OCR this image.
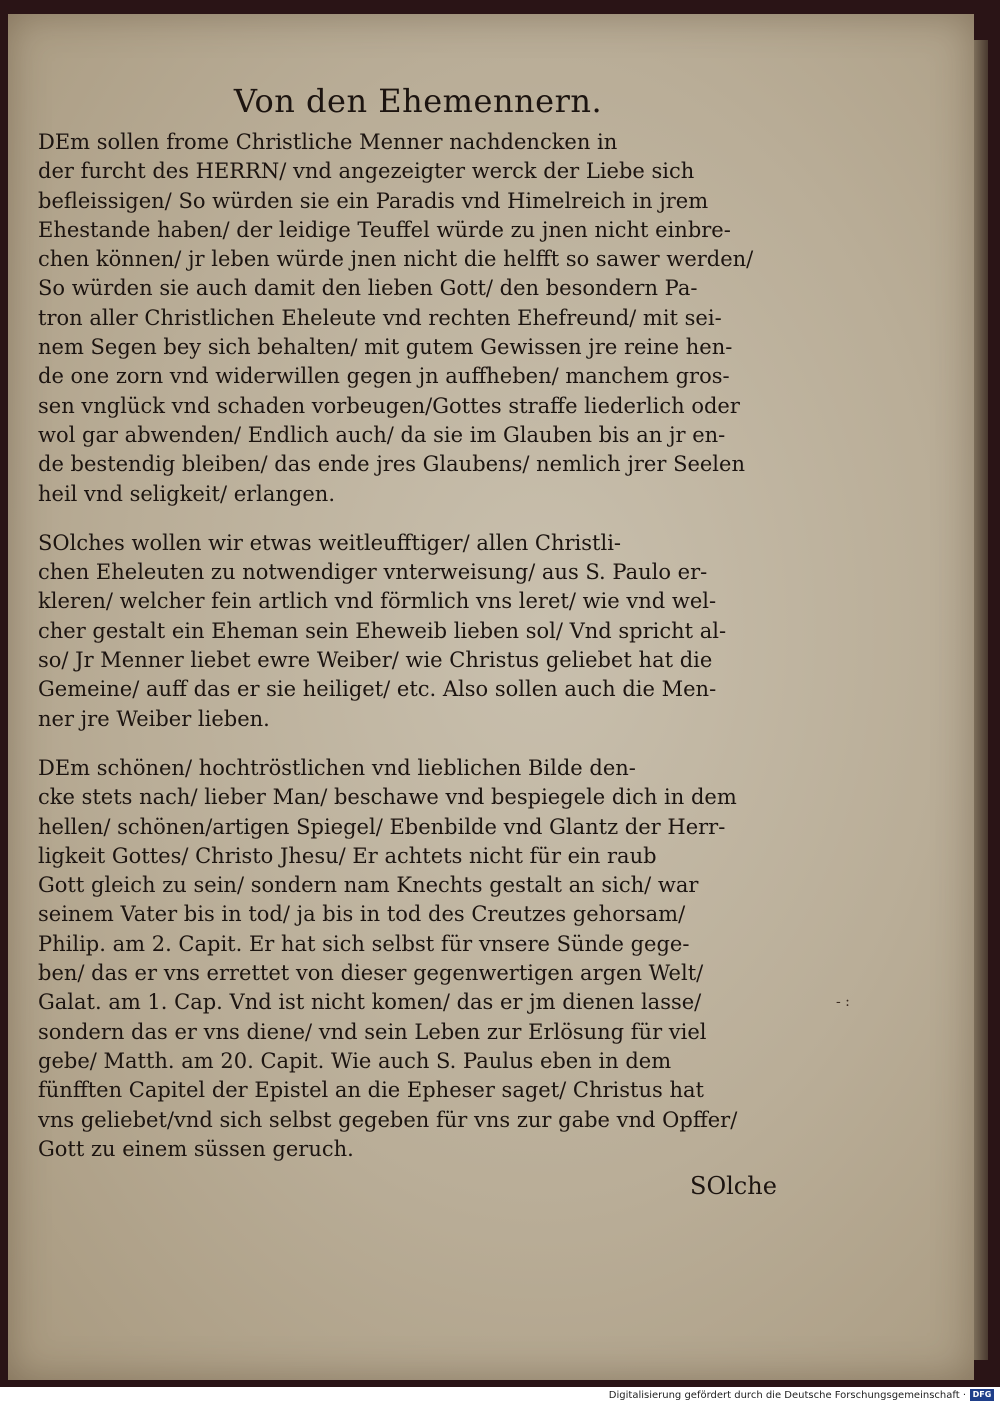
Von den Ehemennern.
DEm sollen frome Christliche Menner nachdencken in
der furcht des HERRN/ vnd angezeigter werck der Liebe sich
befleissigen/ So würden sie ein Paradis vnd Himelreich in jrem
Ehestande haben/ der leidige Teuffel würde zu jnen nicht einbre-
chen können/ jr leben würde jnen nicht die helfft so sawer werden/
So würden sie auch damit den lieben Gott/ den besondern Pa-
tron aller Christlichen Eheleute vnd rechten Ehefreund/ mit sei-
nem Segen bey sich behalten/ mit gutem Gewissen jre reine hen-
de one zorn vnd widerwillen gegen jn auffheben/ manchem gros-
sen vnglück vnd schaden vorbeugen/Gottes straffe liederlich oder
wol gar abwenden/ Endlich auch/ da sie im Glauben bis an jr en-
de bestendig bleiben/ das ende jres Glaubens/ nemlich jrer Seelen
heil vnd seligkeit/ erlangen.
SOlches wollen wir etwas weitleufftiger/ allen Christli-
chen Eheleuten zu notwendiger vnterweisung/ aus S. Paulo er-
kleren/ welcher fein artlich vnd förmlich vns leret/ wie vnd wel-
cher gestalt ein Eheman sein Eheweib lieben sol/ Vnd spricht al-
so/ Jr Menner liebet ewre Weiber/ wie Christus geliebet hat die
Gemeine/ auff das er sie heiliget/ etc. Also sollen auch die Men-
ner jre Weiber lieben.
DEm schönen/ hochtröstlichen vnd lieblichen Bilde den-
cke stets nach/ lieber Man/ beschawe vnd bespiegele dich in dem
hellen/ schönen/artigen Spiegel/ Ebenbilde vnd Glantz der Herr-
ligkeit Gottes/ Christo Jhesu/ Er achtets nicht für ein raub
Gott gleich zu sein/ sondern nam Knechts gestalt an sich/ war
seinem Vater bis in tod/ ja bis in tod des Creutzes gehorsam/
Philip. am 2. Capit. Er hat sich selbst für vnsere Sünde gege-
ben/ das er vns errettet von dieser gegenwertigen argen Welt/
Galat. am 1. Cap. Vnd ist nicht komen/ das er jm dienen lasse/
sondern das er vns diene/ vnd sein Leben zur Erlösung für viel
gebe/ Matth. am 20. Capit. Wie auch S. Paulus eben in dem
fünfften Capitel der Epistel an die Epheser saget/ Christus hat
vns geliebet/vnd sich selbst gegeben für vns zur gabe vnd Opffer/
Gott zu einem süssen geruch.
- :
SOlche
Digitalisierung gefördert durch die Deutsche Forschungsgemeinschaft · DFG
